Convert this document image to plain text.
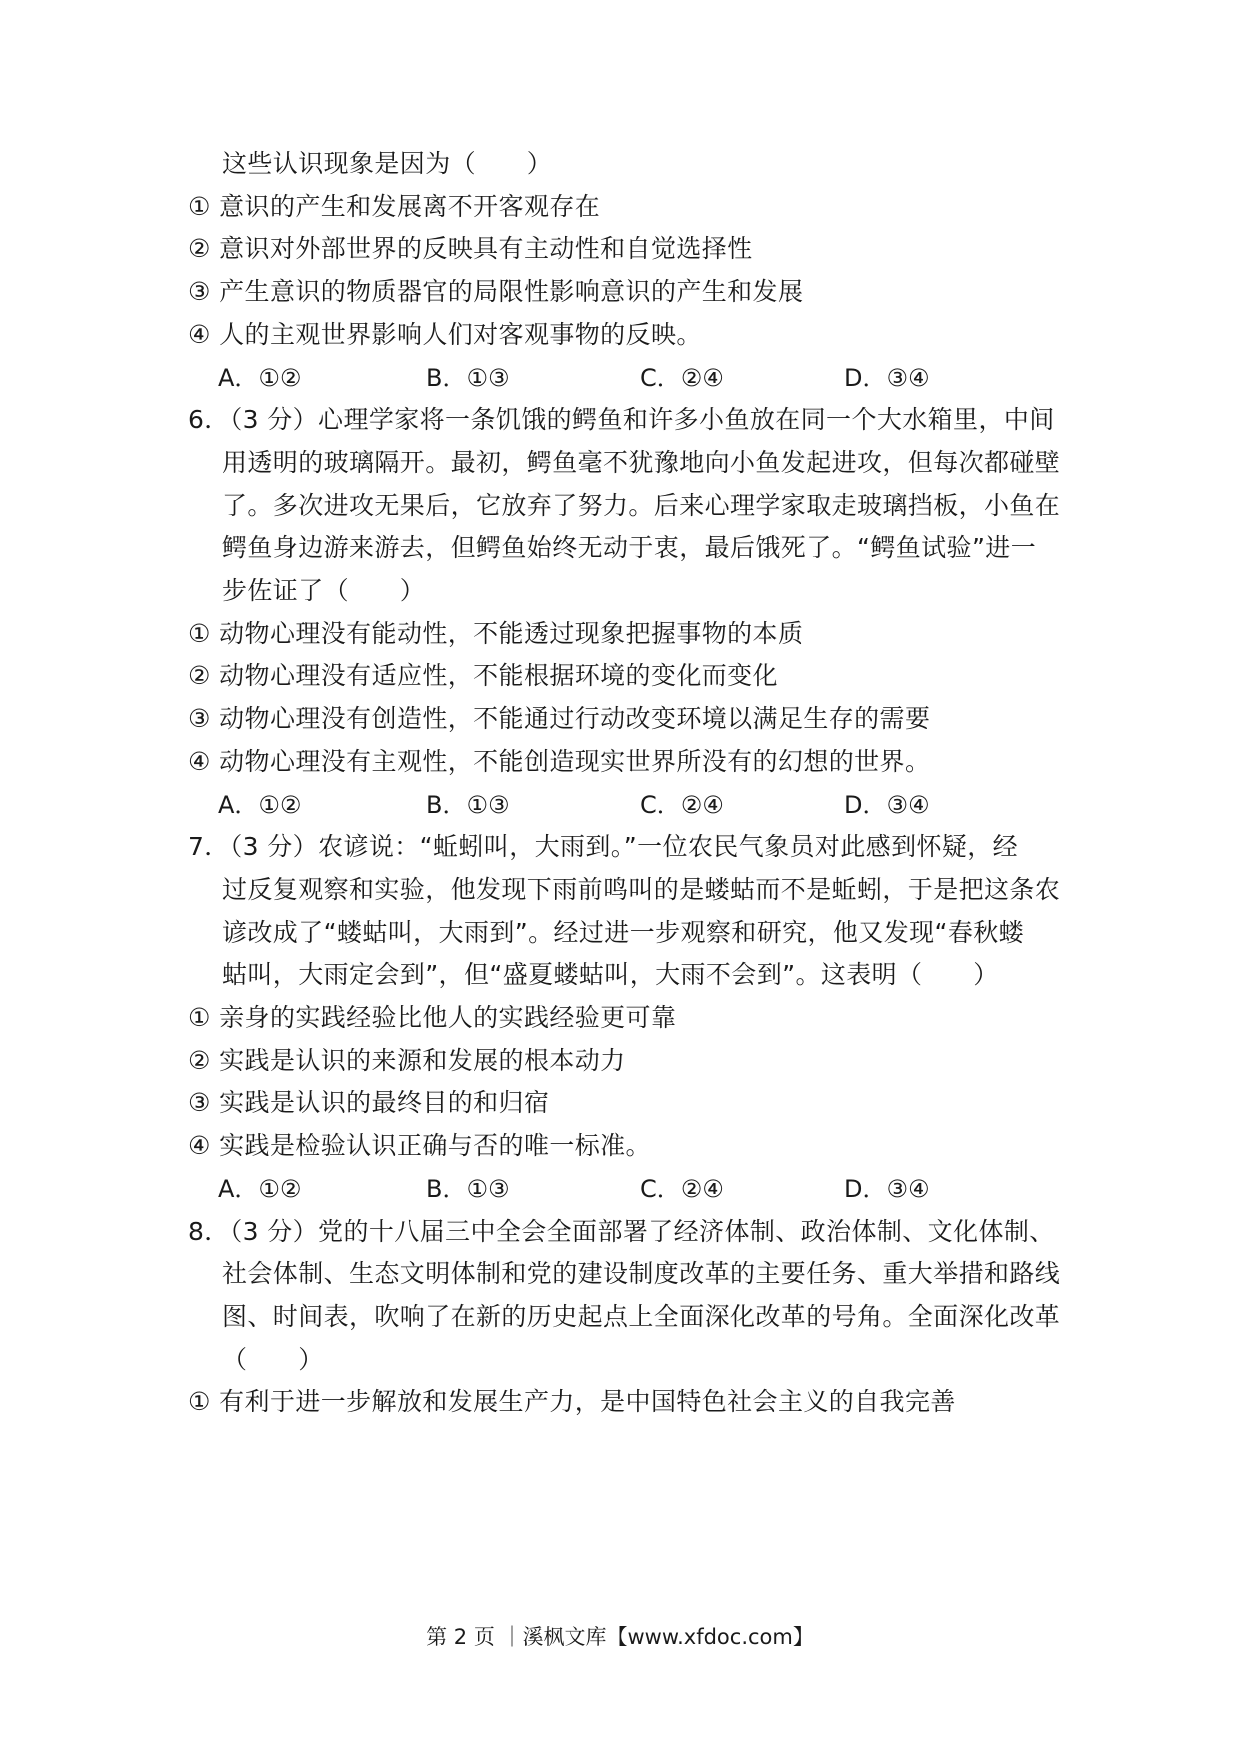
这些认识现象是因为（　　）
① 意识的产生和发展离不开客观存在
② 意识对外部世界的反映具有主动性和自觉选择性
③ 产生意识的物质器官的局限性影响意识的产生和发展
④ 人的主观世界影响人们对客观事物的反映。
A．①②	B．①③	C．②④	D．③④
6．（3 分）心理学家将一条饥饿的鳄鱼和许多小鱼放在同一个大水箱里，中间
用透明的玻璃隔开。最初，鳄鱼毫不犹豫地向小鱼发起进攻，但每次都碰壁
了。多次进攻无果后，它放弃了努力。后来心理学家取走玻璃挡板，小鱼在
鳄鱼身边游来游去，但鳄鱼始终无动于衷，最后饿死了。“鳄鱼试验”进一
步佐证了（　　）
① 动物心理没有能动性，不能透过现象把握事物的本质
② 动物心理没有适应性，不能根据环境的变化而变化
③ 动物心理没有创造性，不能通过行动改变环境以满足生存的需要
④ 动物心理没有主观性，不能创造现实世界所没有的幻想的世界。
A．①②	B．①③	C．②④	D．③④
7．（3 分）农谚说：“蚯蚓叫，大雨到。”一位农民气象员对此感到怀疑，经
过反复观察和实验，他发现下雨前鸣叫的是蝼蛄而不是蚯蚓，于是把这条农
谚改成了“蝼蛄叫，大雨到”。经过进一步观察和研究，他又发现“春秋蝼
蛄叫，大雨定会到”，但“盛夏蝼蛄叫，大雨不会到”。这表明（　　）
① 亲身的实践经验比他人的实践经验更可靠
② 实践是认识的来源和发展的根本动力
③ 实践是认识的最终目的和归宿
④ 实践是检验认识正确与否的唯一标准。
A．①②	B．①③	C．②④	D．③④
8．（3 分）党的十八届三中全会全面部署了经济体制、政治体制、文化体制、
社会体制、生态文明体制和党的建设制度改革的主要任务、重大举措和路线
图、时间表，吹响了在新的历史起点上全面深化改革的号角。全面深化改革
（　　）
① 有利于进一步解放和发展生产力，是中国特色社会主义的自我完善
第 2 页 ｜溪枫文库【www.xfdoc.com】
